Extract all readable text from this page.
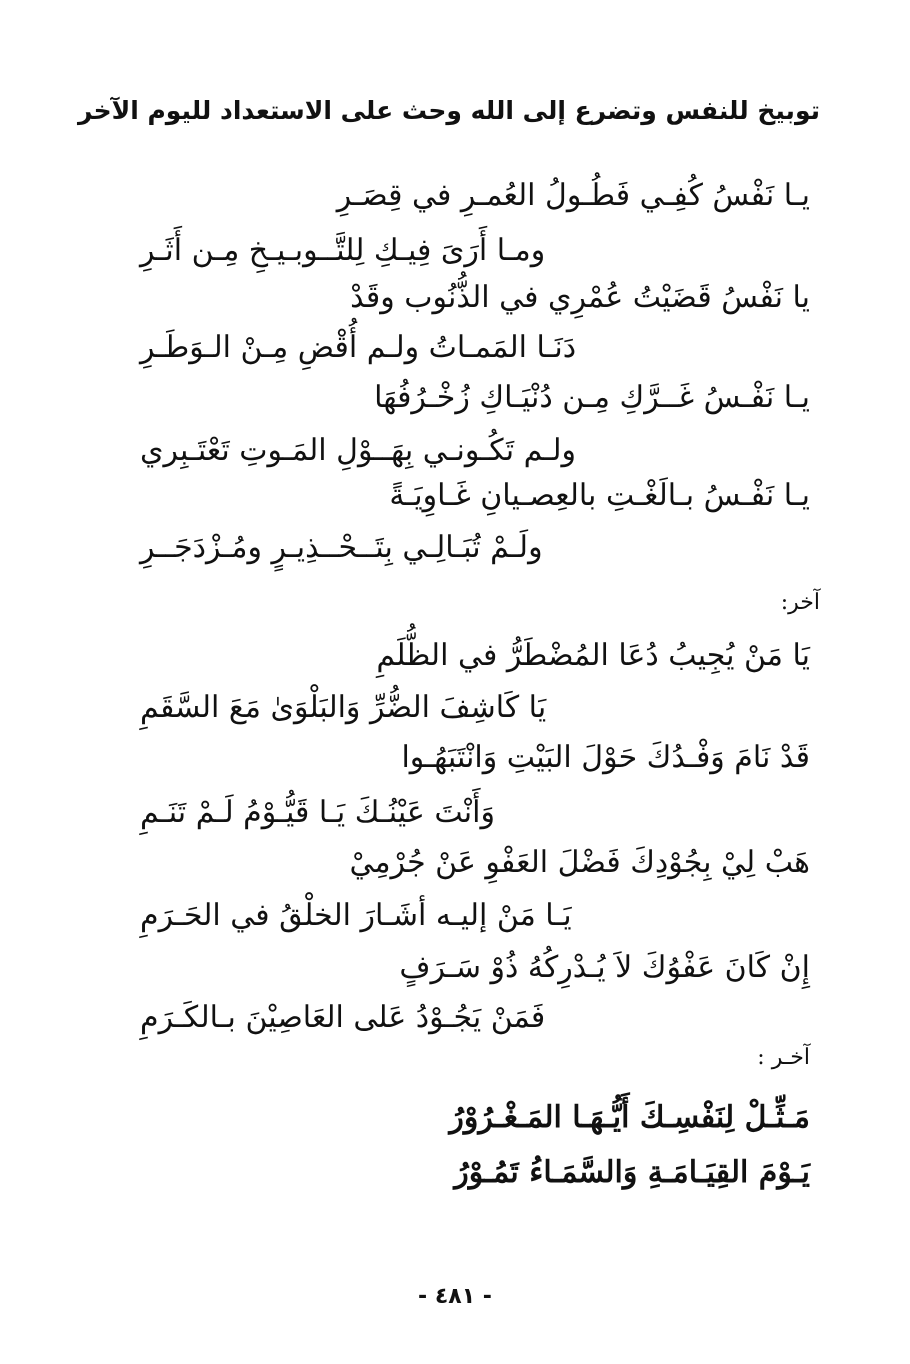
توبيخ للنفس وتضرع إلى الله وحث على الاستعداد لليوم الآخر
يـا نَفْسُ كُفِـي فَطُـولُ العُمـرِ في قِصَـرِ
ومـا أَرَىَ فِيـكِ لِلتَّــوبـيـخِ مِـن أَثَـرِ
يا نَفْسُ قَضَيْتُ عُمْرِي في الذُّنُوب وقَدْ
دَنَـا المَمـاتُ ولـم أُقْضِ مِـنْ الـوَطَـرِ
يـا نَفْـسُ غَــرَّكِ مِـن دُنْيَـاكِ زُخْـرُفُهَا
ولـم تَكُـونـي بِهَــوْلِ المَـوتِ تَعْتَـبِري
يـا نَفْـسُ بـالَغْـتِ بالعِصـيانِ غَـاوِيَـةً
ولَـمْ تُبَـالِـي بِتَــحْــذِيـرٍ ومُـزْدَجَــرِ
آخر:
يَا مَنْ يُجِيبُ دُعَا المُضْطَرُّ في الظُّلَمِ
يَا كَاشِفَ الضُّرِّ وَالبَلْوَىٰ مَعَ السَّقَمِ
قَدْ نَامَ وَفْـدُكَ حَوْلَ البَيْتِ وَانْتَبَهُـوا
وَأَنْتَ عَيْنُـكَ يَـا قَيُّـوْمُ لَـمْ تَنَـمِ
هَبْ لِيْ بِجُوْدِكَ فَضْلَ العَفْوِ عَنْ جُرْمِيْ
يَـا مَنْ إليـه أشَـارَ الخلْقُ في الحَـرَمِ
إِنْ كَانَ عَفْوُكَ لاَ يُـدْرِكُهُ ذُوْ سَـرَفٍ
فَمَنْ يَجُـوْدُ عَلى العَاصِيْنَ بـالكَـرَمِ
آخـر :
مَـثِّـلْ لِنَفْسِـكَ أَيُّـهَـا المَـغْـرُوْرُ
يَـوْمَ القِيَـامَـةِ وَالسَّمَـاءُ تَمُـوْرُ
- ٤٨١ -
